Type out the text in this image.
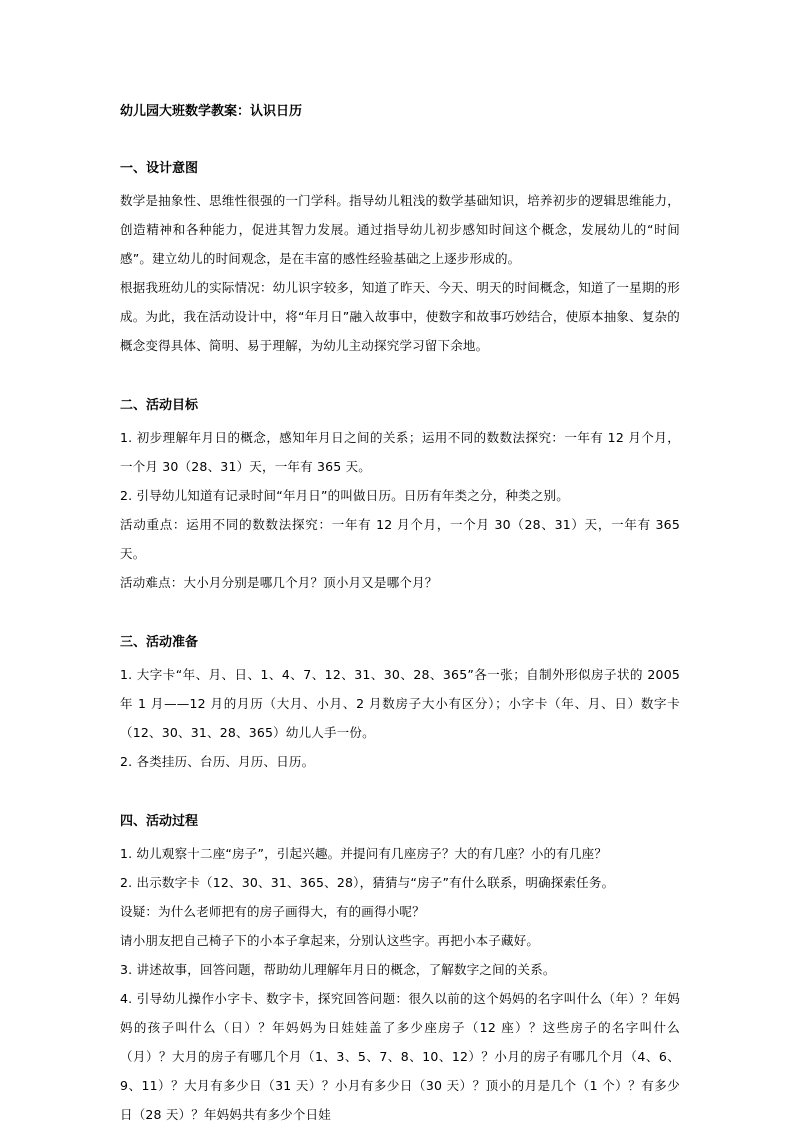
幼儿园大班数学教案：认识日历
一、设计意图

数学是抽象性、思维性很强的一门学科。指导幼儿粗浅的数学基础知识，培养初步的逻辑思维能力，创造精神和各种能力，促进其智力发展。通过指导幼儿初步感知时间这个概念，发展幼儿的“时间感”。建立幼儿的时间观念，是在丰富的感性经验基础之上逐步形成的。

根据我班幼儿的实际情况：幼儿识字较多，知道了昨天、今天、明天的时间概念，知道了一星期的形成。为此，我在活动设计中，将“年月日”融入故事中，使数字和故事巧妙结合，使原本抽象、复杂的概念变得具体、简明、易于理解，为幼儿主动探究学习留下余地。

二、活动目标

1. 初步理解年月日的概念，感知年月日之间的关系；运用不同的数数法探究：一年有 12 月个月，一个月 30（28、31）天，一年有 365 天。

2. 引导幼儿知道有记录时间“年月日”的叫做日历。日历有年类之分，种类之别。

活动重点：运用不同的数数法探究：一年有 12 月个月，一个月 30（28、31）天，一年有 365 天。

活动难点：大小月分别是哪几个月？顶小月又是哪个月？

三、活动准备

1. 大字卡“年、月、日、1、4、7、12、31、30、28、365”各一张；自制外形似房子状的 2005 年 1 月——12 月的月历（大月、小月、2 月数房子大小有区分）；小字卡（年、月、日）数字卡（12、30、31、28、365）幼儿人手一份。

2. 各类挂历、台历、月历、日历。

四、活动过程

1. 幼儿观察十二座“房子”，引起兴趣。并提问有几座房子？大的有几座？小的有几座？

2. 出示数字卡（12、30、31、365、28），猜猜与“房子”有什么联系，明确探索任务。

设疑：为什么老师把有的房子画得大，有的画得小呢？

请小朋友把自己椅子下的小本子拿起来，分别认这些字。再把小本子藏好。

3. 讲述故事，回答问题，帮助幼儿理解年月日的概念，了解数字之间的关系。

4. 引导幼儿操作小字卡、数字卡，探究回答问题：很久以前的这个妈妈的名字叫什么（年）？年妈妈的孩子叫什么（日）？年妈妈为日娃娃盖了多少座房子（12 座）？这些房子的名字叫什么（月）？大月的房子有哪几个月（1、3、5、7、8、10、12）？小月的房子有哪几个月（4、6、9、11）？大月有多少日（31 天）？小月有多少日（30 天）？顶小的月是几个（1 个）？有多少日（28 天）？年妈妈共有多少个日娃
